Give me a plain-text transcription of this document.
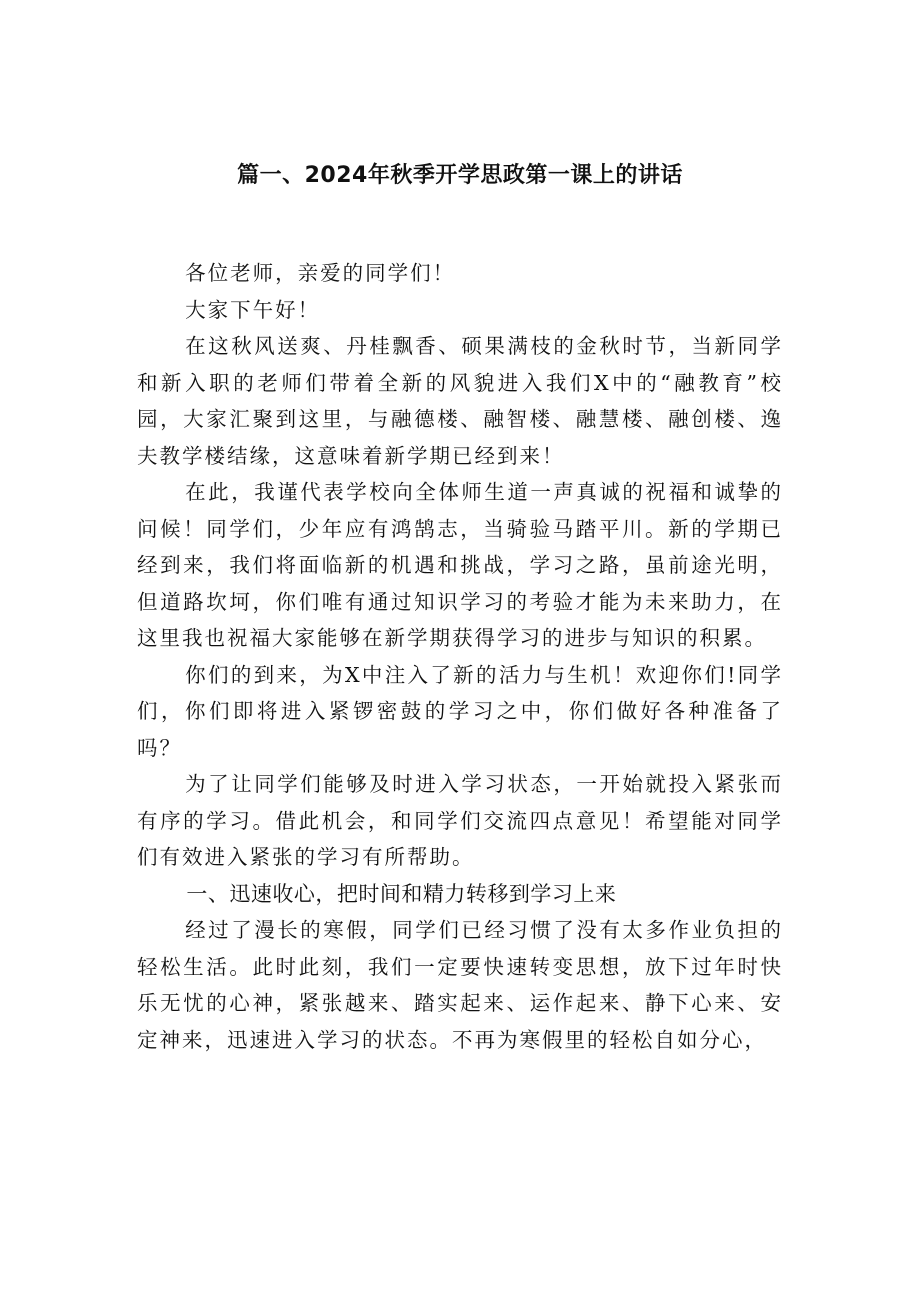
篇一、2024年秋季开学思政第一课上的讲话

各位老师，亲爱的同学们！

大家下午好！

在这秋风送爽、丹桂飘香、硕果满枝的金秋时节，当新同学和新入职的老师们带着全新的风貌进入我们X中的“融教育”校园，大家汇聚到这里，与融德楼、融智楼、融慧楼、融创楼、逸夫教学楼结缘，这意味着新学期已经到来！

在此，我谨代表学校向全体师生道一声真诚的祝福和诚挚的问候！同学们，少年应有鸿鹄志，当骑验马踏平川。新的学期已经到来，我们将面临新的机遇和挑战，学习之路，虽前途光明，但道路坎坷，你们唯有通过知识学习的考验才能为未来助力，在这里我也祝福大家能够在新学期获得学习的进步与知识的积累。

你们的到来，为X中注入了新的活力与生机！欢迎你们!同学们，你们即将进入紧锣密鼓的学习之中，你们做好各种准备了吗？

为了让同学们能够及时进入学习状态，一开始就投入紧张而有序的学习。借此机会，和同学们交流四点意见！希望能对同学们有效进入紧张的学习有所帮助。

一、迅速收心，把时间和精力转移到学习上来

经过了漫长的寒假，同学们已经习惯了没有太多作业负担的轻松生活。此时此刻，我们一定要快速转变思想，放下过年时快乐无忧的心神，紧张越来、踏实起来、运作起来、静下心来、安定神来，迅速进入学习的状态。不再为寒假里的轻松自如分心，
